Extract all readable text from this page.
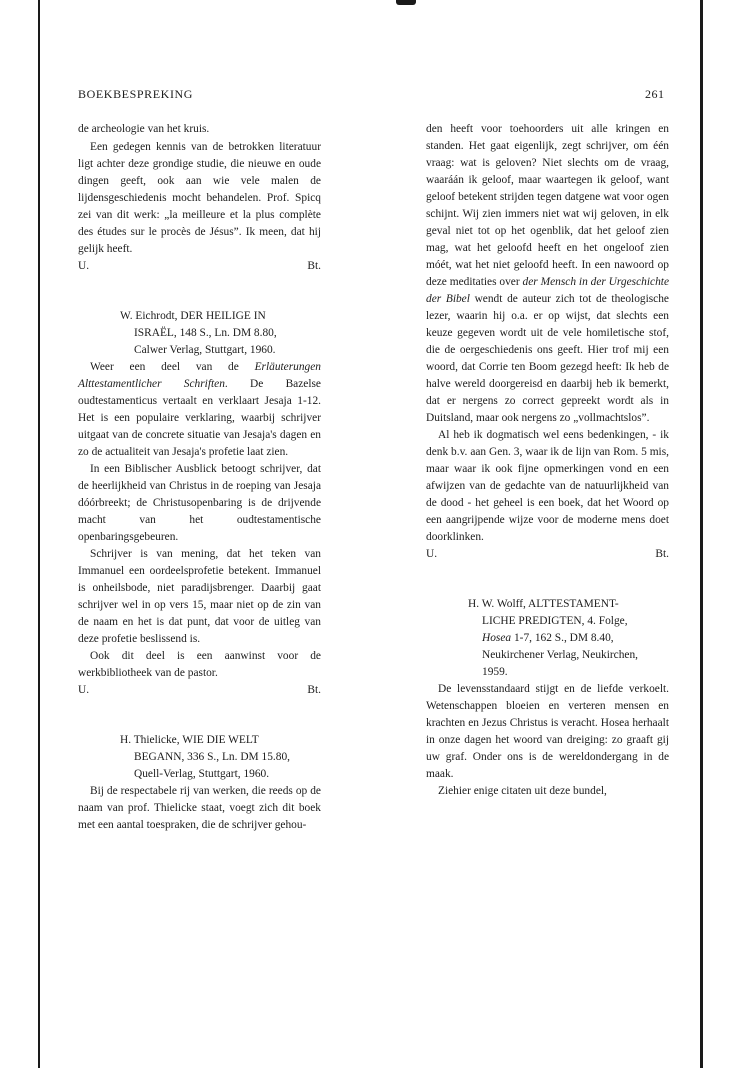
BOEKBESPREKING	261

de archeologie van het kruis.

Een gedegen kennis van de betrokken literatuur ligt achter deze grondige studie, die nieuwe en oude dingen geeft, ook aan wie vele malen de lijdensgeschiedenis mocht behandelen. Prof. Spicq zei van dit werk: „la meilleure et la plus complète des études sur le procès de Jésus”. Ik meen, dat hij gelijk heeft.

U.	Bt.

W. Eichrodt, DER HEILIGE IN
ISRAËL, 148 S., Ln. DM 8.80,
Calwer Verlag, Stuttgart, 1960.

Weer een deel van de Erläuterungen Alttestamentlicher Schriften. De Bazelse oudtestamenticus vertaalt en verklaart Jesaja 1-12. Het is een populaire verklaring, waarbij schrijver uitgaat van de concrete situatie van Jesaja's dagen en zo de actualiteit van Jesaja's profetie laat zien.

In een Biblischer Ausblick betoogt schrijver, dat de heerlijkheid van Christus in de roeping van Jesaja dóórbreekt; de Christusopenbaring is de drijvende macht van het oudtestamentische openbaringsgebeuren.

Schrijver is van mening, dat het teken van Immanuel een oordeelsprofetie betekent. Immanuel is onheilsbode, niet paradijsbrenger. Daarbij gaat schrijver wel in op vers 15, maar niet op de zin van de naam en het is dat punt, dat voor de uitleg van deze profetie beslissend is.

Ook dit deel is een aanwinst voor de werkbibliotheek van de pastor.

U.	Bt.

H. Thielicke, WIE DIE WELT
BEGANN, 336 S., Ln. DM 15.80,
Quell-Verlag, Stuttgart, 1960.

Bij de respectabele rij van werken, die reeds op de naam van prof. Thielicke staat, voegt zich dit boek met een aantal toespraken, die de schrijver gehou-

den heeft voor toehoorders uit alle kringen en standen. Het gaat eigenlijk, zegt schrijver, om één vraag: wat is geloven? Niet slechts om de vraag, waaráán ik geloof, maar waartegen ik geloof, want geloof betekent strijden tegen datgene wat voor ogen schijnt. Wij zien immers niet wat wij geloven, in elk geval niet tot op het ogenblik, dat het geloof zien mag, wat het geloofd heeft en het ongeloof zien móét, wat het niet geloofd heeft. In een nawoord op deze meditaties over der Mensch in der Urgeschichte der Bibel wendt de auteur zich tot de theologische lezer, waarin hij o.a. er op wijst, dat slechts een keuze gegeven wordt uit de vele homiletische stof, die de oergeschiedenis ons geeft. Hier trof mij een woord, dat Corrie ten Boom gezegd heeft: Ik heb de halve wereld doorgereisd en daarbij heb ik bemerkt, dat er nergens zo correct gepreekt wordt als in Duitsland, maar ook nergens zo „vollmachtslos”.

Al heb ik dogmatisch wel eens bedenkingen, - ik denk b.v. aan Gen. 3, waar ik de lijn van Rom. 5 mis, maar waar ik ook fijne opmerkingen vond en een afwijzen van de gedachte van de natuurlijkheid van de dood - het geheel is een boek, dat het Woord op een aangrijpende wijze voor de moderne mens doet doorklinken.

U.	Bt.

H. W. Wolff, ALTTESTAMENT-
LICHE PREDIGTEN, 4. Folge,
Hosea 1-7, 162 S., DM 8.40,
Neukirchener Verlag, Neukirchen,
1959.

De levensstandaard stijgt en de liefde verkoelt. Wetenschappen bloeien en verteren mensen en krachten en Jezus Christus is veracht. Hosea herhaalt in onze dagen het woord van dreiging: zo graaft gij uw graf. Onder ons is de wereldondergang in de maak.

Ziehier enige citaten uit deze bundel,
